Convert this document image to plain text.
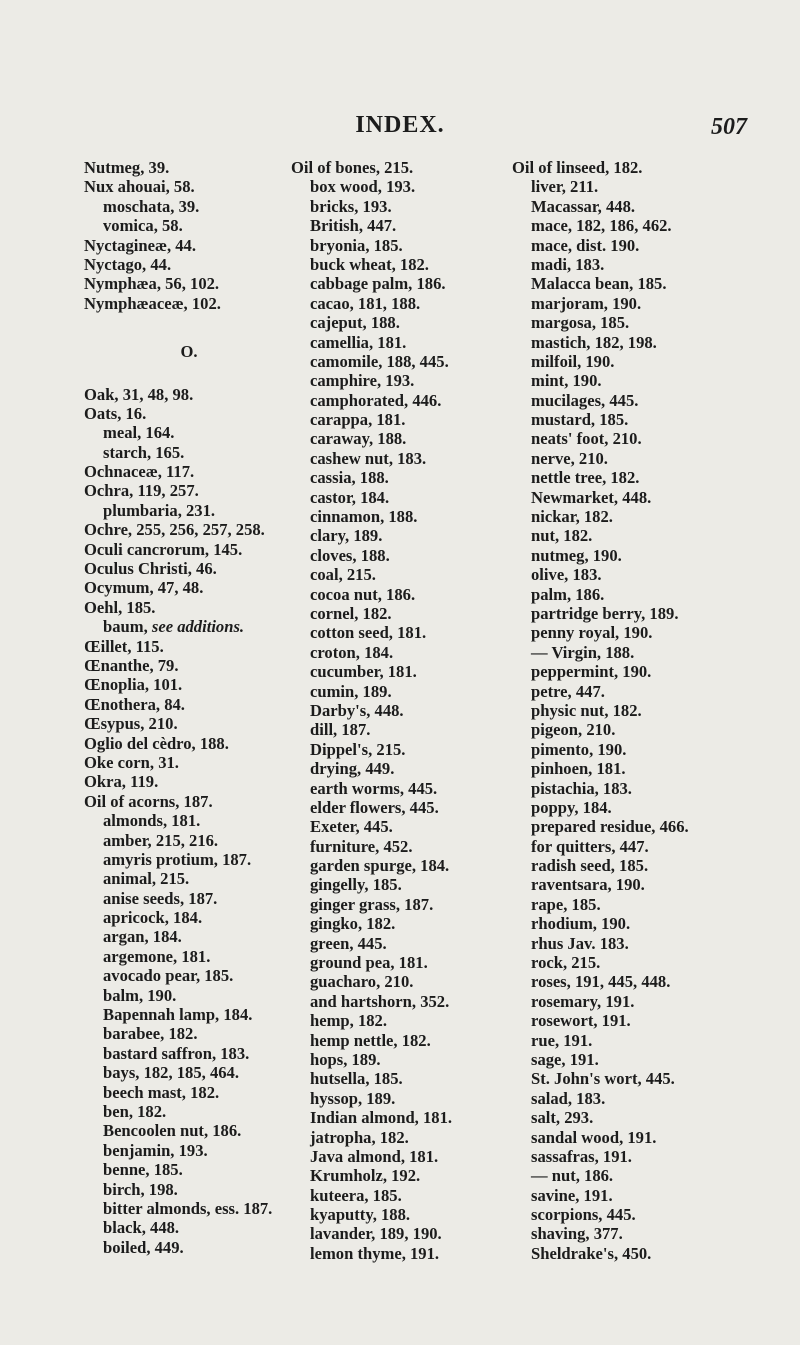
INDEX.	507
Nutmeg, 39.
Nux ahouai, 58.
moschata, 39.
vomica, 58.
Nyctagineæ, 44.
Nyctago, 44.
Nymphæa, 56, 102.
Nymphæaceæ, 102.
O.
Oak, 31, 48, 98.
Oats, 16.
meal, 164.
starch, 165.
Ochnaceæ, 117.
Ochra, 119, 257.
plumbaria, 231.
Ochre, 255, 256, 257, 258.
Oculi cancrorum, 145.
Oculus Christi, 46.
Ocymum, 47, 48.
Oehl, 185.
baum, see additions.
Œillet, 115.
Œnanthe, 79.
Œnoplia, 101.
Œnothera, 84.
Œsypus, 210.
Oglio del cèdro, 188.
Oke corn, 31.
Okra, 119.
Oil of acorns, 187.
almonds, 181.
amber, 215, 216.
amyris protium, 187.
animal, 215.
anise seeds, 187.
apricock, 184.
argan, 184.
argemone, 181.
avocado pear, 185.
balm, 190.
Bapennah lamp, 184.
barabee, 182.
bastard saffron, 183.
bays, 182, 185, 464.
beech mast, 182.
ben, 182.
Bencoolen nut, 186.
benjamin, 193.
benne, 185.
birch, 198.
bitter almonds, ess. 187.
black, 448.
boiled, 449.
Oil of bones, 215.
box wood, 193.
bricks, 193.
British, 447.
bryonia, 185.
buck wheat, 182.
cabbage palm, 186.
cacao, 181, 188.
cajeput, 188.
camellia, 181.
camomile, 188, 445.
camphire, 193.
camphorated, 446.
carappa, 181.
caraway, 188.
cashew nut, 183.
cassia, 188.
castor, 184.
cinnamon, 188.
clary, 189.
cloves, 188.
coal, 215.
cocoa nut, 186.
cornel, 182.
cotton seed, 181.
croton, 184.
cucumber, 181.
cumin, 189.
Darby's, 448.
dill, 187.
Dippel's, 215.
drying, 449.
earth worms, 445.
elder flowers, 445.
Exeter, 445.
furniture, 452.
garden spurge, 184.
gingelly, 185.
ginger grass, 187.
gingko, 182.
green, 445.
ground pea, 181.
guacharo, 210.
and hartshorn, 352.
hemp, 182.
hemp nettle, 182.
hops, 189.
hutsella, 185.
hyssop, 189.
Indian almond, 181.
jatropha, 182.
Java almond, 181.
Krumholz, 192.
kuteera, 185.
kyaputty, 188.
lavander, 189, 190.
lemon thyme, 191.
Oil of linseed, 182.
liver, 211.
Macassar, 448.
mace, 182, 186, 462.
mace, dist. 190.
madi, 183.
Malacca bean, 185.
marjoram, 190.
margosa, 185.
mastich, 182, 198.
milfoil, 190.
mint, 190.
mucilages, 445.
mustard, 185.
neats' foot, 210.
nerve, 210.
nettle tree, 182.
Newmarket, 448.
nickar, 182.
nut, 182.
nutmeg, 190.
olive, 183.
palm, 186.
partridge berry, 189.
penny royal, 190.
— Virgin, 188.
peppermint, 190.
petre, 447.
physic nut, 182.
pigeon, 210.
pimento, 190.
pinhoen, 181.
pistachia, 183.
poppy, 184.
prepared residue, 466.
for quitters, 447.
radish seed, 185.
raventsara, 190.
rape, 185.
rhodium, 190.
rhus Jav. 183.
rock, 215.
roses, 191, 445, 448.
rosemary, 191.
rosewort, 191.
rue, 191.
sage, 191.
St. John's wort, 445.
salad, 183.
salt, 293.
sandal wood, 191.
sassafras, 191.
— nut, 186.
savine, 191.
scorpions, 445.
shaving, 377.
Sheldrake's, 450.
